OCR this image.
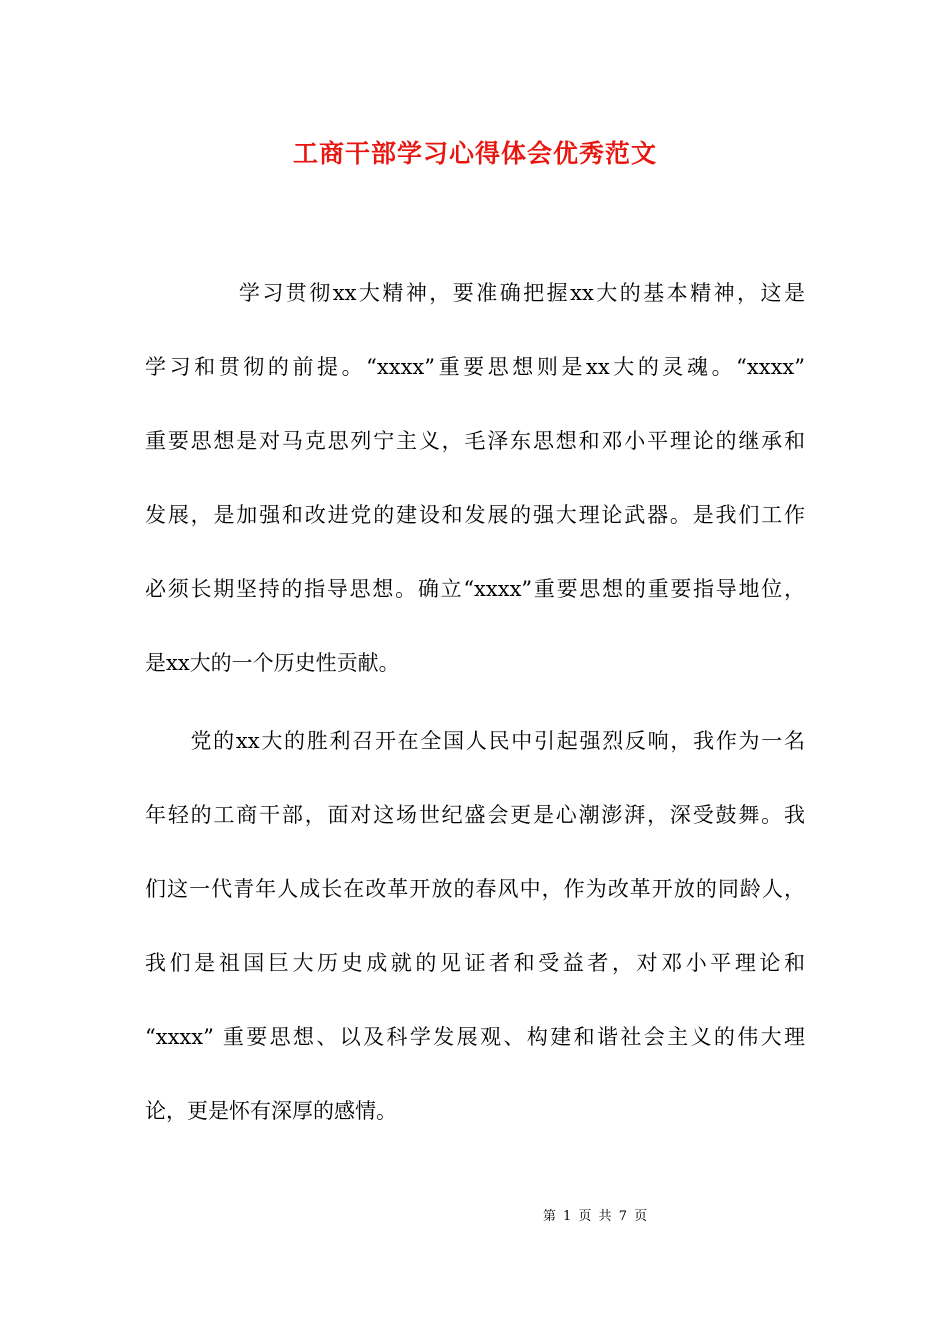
工商干部学习心得体会优秀范文
　　　　学习贯彻xx大精神，要准确把握xx大的基本精神，这是
学习和贯彻的前提。“xxxx”重要思想则是xx大的灵魂。“xxxx”
重要思想是对马克思列宁主义，毛泽东思想和邓小平理论的继承和
发展，是加强和改进党的建设和发展的强大理论武器。是我们工作
必须长期坚持的指导思想。确立“xxxx”重要思想的重要指导地位，
是xx大的一个历史性贡献。
　　党的xx大的胜利召开在全国人民中引起强烈反响，我作为一名
年轻的工商干部，面对这场世纪盛会更是心潮澎湃，深受鼓舞。我
们这一代青年人成长在改革开放的春风中，作为改革开放的同龄人，
我们是祖国巨大历史成就的见证者和受益者，对邓小平理论和
“xxxx” 重要思想、以及科学发展观、构建和谐社会主义的伟大理
论，更是怀有深厚的感情。
第 1 页 共 7 页
